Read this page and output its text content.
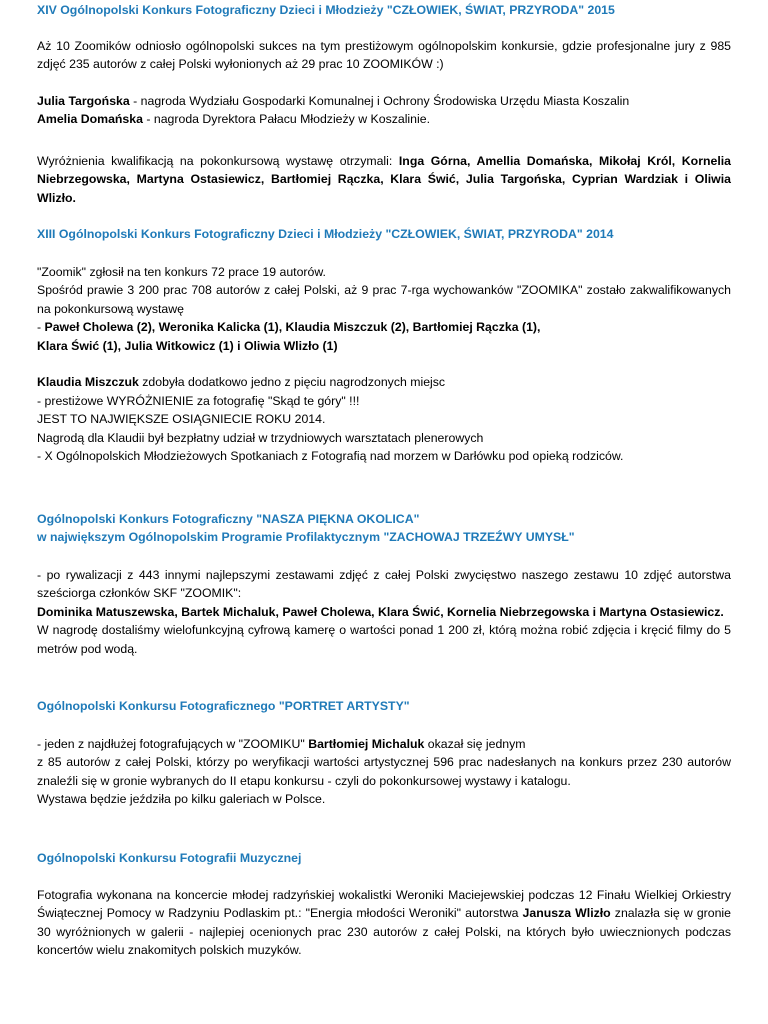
XIV Ogólnopolski Konkurs Fotograficzny Dzieci i Młodzieży "CZŁOWIEK, ŚWIAT, PRZYRODA" 2015

Aż 10 Zoomików odniosło ogólnopolski sukces na tym prestiżowym ogólnopolskim konkursie, gdzie profesjonalne jury z 985 zdjęć 235 autorów z całej Polski wyłonionych aż 29 prac 10 ZOOMIKÓW :)

Julia Targońska - nagroda Wydziału Gospodarki Komunalnej i Ochrony Środowiska Urzędu Miasta Koszalin

Amelia Domańska - nagroda Dyrektora Pałacu Młodzieży w Koszalinie.

Wyróżnienia kwalifikacją na pokonkursową wystawę otrzymali: Inga Górna, Amellia Domańska, Mikołaj Król, Kornelia Niebrzegowska, Martyna Ostasiewicz, Bartłomiej Rączka, Klara Świć, Julia Targońska, Cyprian Wardziak i Oliwia Wlizło.

XIII Ogólnopolski Konkurs Fotograficzny Dzieci i Młodzieży "CZŁOWIEK, ŚWIAT, PRZYRODA" 2014

"Zoomik" zgłosił na ten konkurs 72 prace 19 autorów.

Spośród prawie 3 200 prac 708 autorów z całej Polski, aż 9 prac 7-rga wychowanków "ZOOMIKA" zostało zakwalifikowanych na pokonkursową wystawę

- Paweł Cholewa (2), Weronika Kalicka (1), Klaudia Miszczuk (2), Bartłomiej Rączka (1),

Klara Świć (1), Julia Witkowicz (1) i Oliwia Wlizło (1)

Klaudia Miszczuk zdobyła dodatkowo jedno z pięciu nagrodzonych miejsc

- prestiżowe WYRÓŻNIENIE za fotografię "Skąd te góry" !!!

JEST TO NAJWIĘKSZE OSIĄGNIECIE ROKU 2014.

Nagrodą dla Klaudii był bezpłatny udział w trzydniowych warsztatach plenerowych

- X Ogólnopolskich Młodzieżowych Spotkaniach z Fotografią nad morzem w Darłówku pod opieką rodziców.

Ogólnopolski Konkurs Fotograficzny "NASZA PIĘKNA OKOLICA"

w największym Ogólnopolskim Programie Profilaktycznym "ZACHOWAJ TRZEŹWY UMYSŁ"

- po rywalizacji z 443 innymi najlepszymi zestawami zdjęć z całej Polski zwycięstwo naszego zestawu 10 zdjęć autorstwa sześciorga członków SKF "ZOOMIK":

Dominika Matuszewska, Bartek Michaluk, Paweł Cholewa, Klara Świć, Kornelia Niebrzegowska i Martyna Ostasiewicz.

W nagrodę dostaliśmy wielofunkcyjną cyfrową kamerę o wartości ponad 1 200 zł, którą można robić zdjęcia i kręcić filmy do 5 metrów pod wodą.

Ogólnopolski Konkursu Fotograficznego "PORTRET ARTYSTY"

- jeden z najdłużej fotografujących w "ZOOMIKU" Bartłomiej Michaluk okazał się jednym

z 85 autorów z całej Polski, którzy po weryfikacji wartości artystycznej 596 prac nadesłanych na konkurs przez 230 autorów znaleźli się w gronie wybranych do II etapu konkursu - czyli do pokonkursowej wystawy i katalogu.

Wystawa będzie jeździła po kilku galeriach w Polsce.

Ogólnopolski Konkursu Fotografii Muzycznej

Fotografia wykonana na koncercie młodej radzyńskiej wokalistki Weroniki Maciejewskiej podczas 12 Finału Wielkiej Orkiestry Świątecznej Pomocy w Radzyniu Podlaskim pt.: "Energia młodości Weroniki" autorstwa Janusza Wlizło znalazła się w gronie 30 wyróżnionych w galerii - najlepiej ocenionych prac 230 autorów z całej Polski, na których było uwiecznionych podczas koncertów wielu znakomitych polskich muzyków.
